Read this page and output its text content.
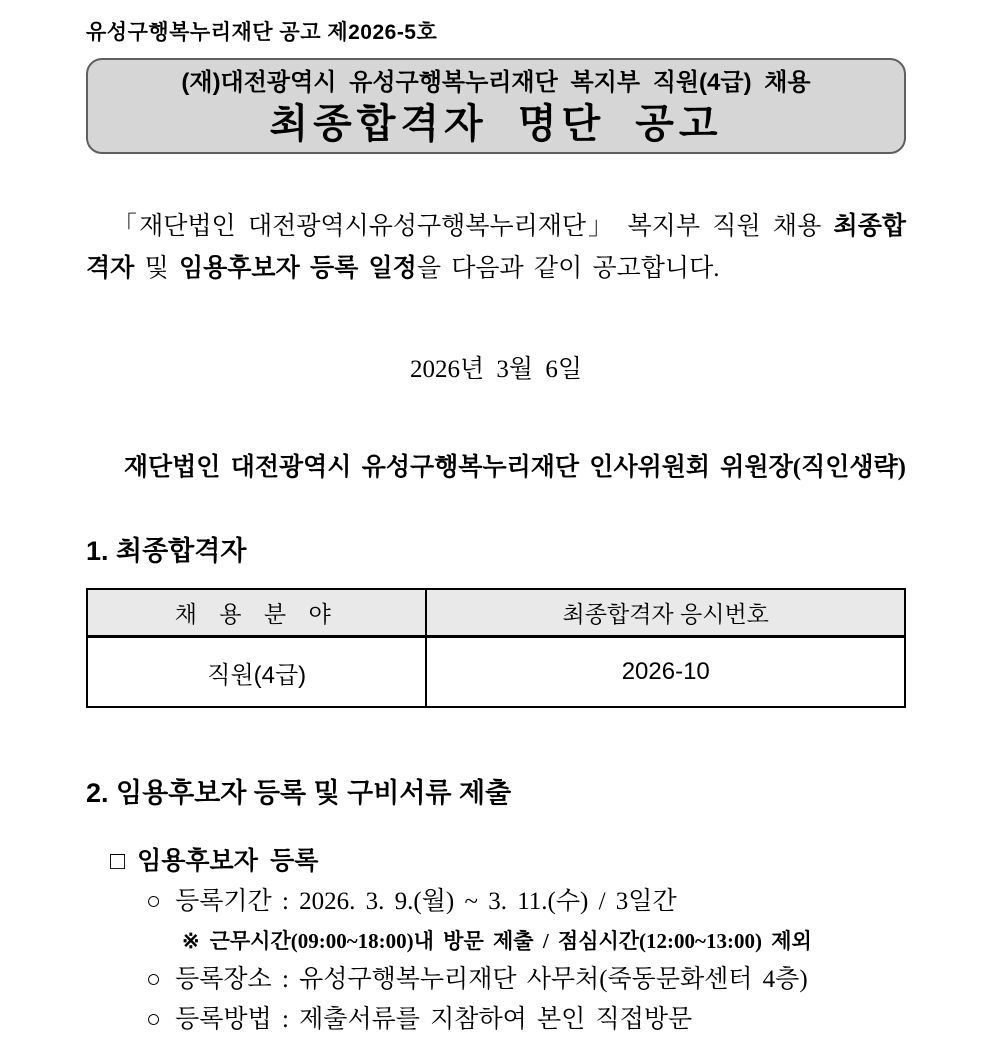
유성구행복누리재단 공고 제2026-5호
(재)대전광역시 유성구행복누리재단 복지부 직원(4급) 채용
최종합격자 명단 공고

「재단법인 대전광역시유성구행복누리재단」 복지부 직원 채용 최종합격자 및 임용후보자 등록 일정을 다음과 같이 공고합니다.

2026년 3월 6일
재단법인 대전광역시 유성구행복누리재단 인사위원회 위원장(직인생략)
1. 최종합격자
채 용 분 야	최종합격자 응시번호
직원(4급)	2026-10
2. 임용후보자 등록 및 구비서류 제출
□ 임용후보자 등록
○ 등록기간 : 2026. 3. 9.(월) ~ 3. 11.(수) / 3일간
※ 근무시간(09:00~18:00)내 방문 제출 / 점심시간(12:00~13:00) 제외
○ 등록장소 : 유성구행복누리재단 사무처(죽동문화센터 4층)
○ 등록방법 : 제출서류를 지참하여 본인 직접방문
